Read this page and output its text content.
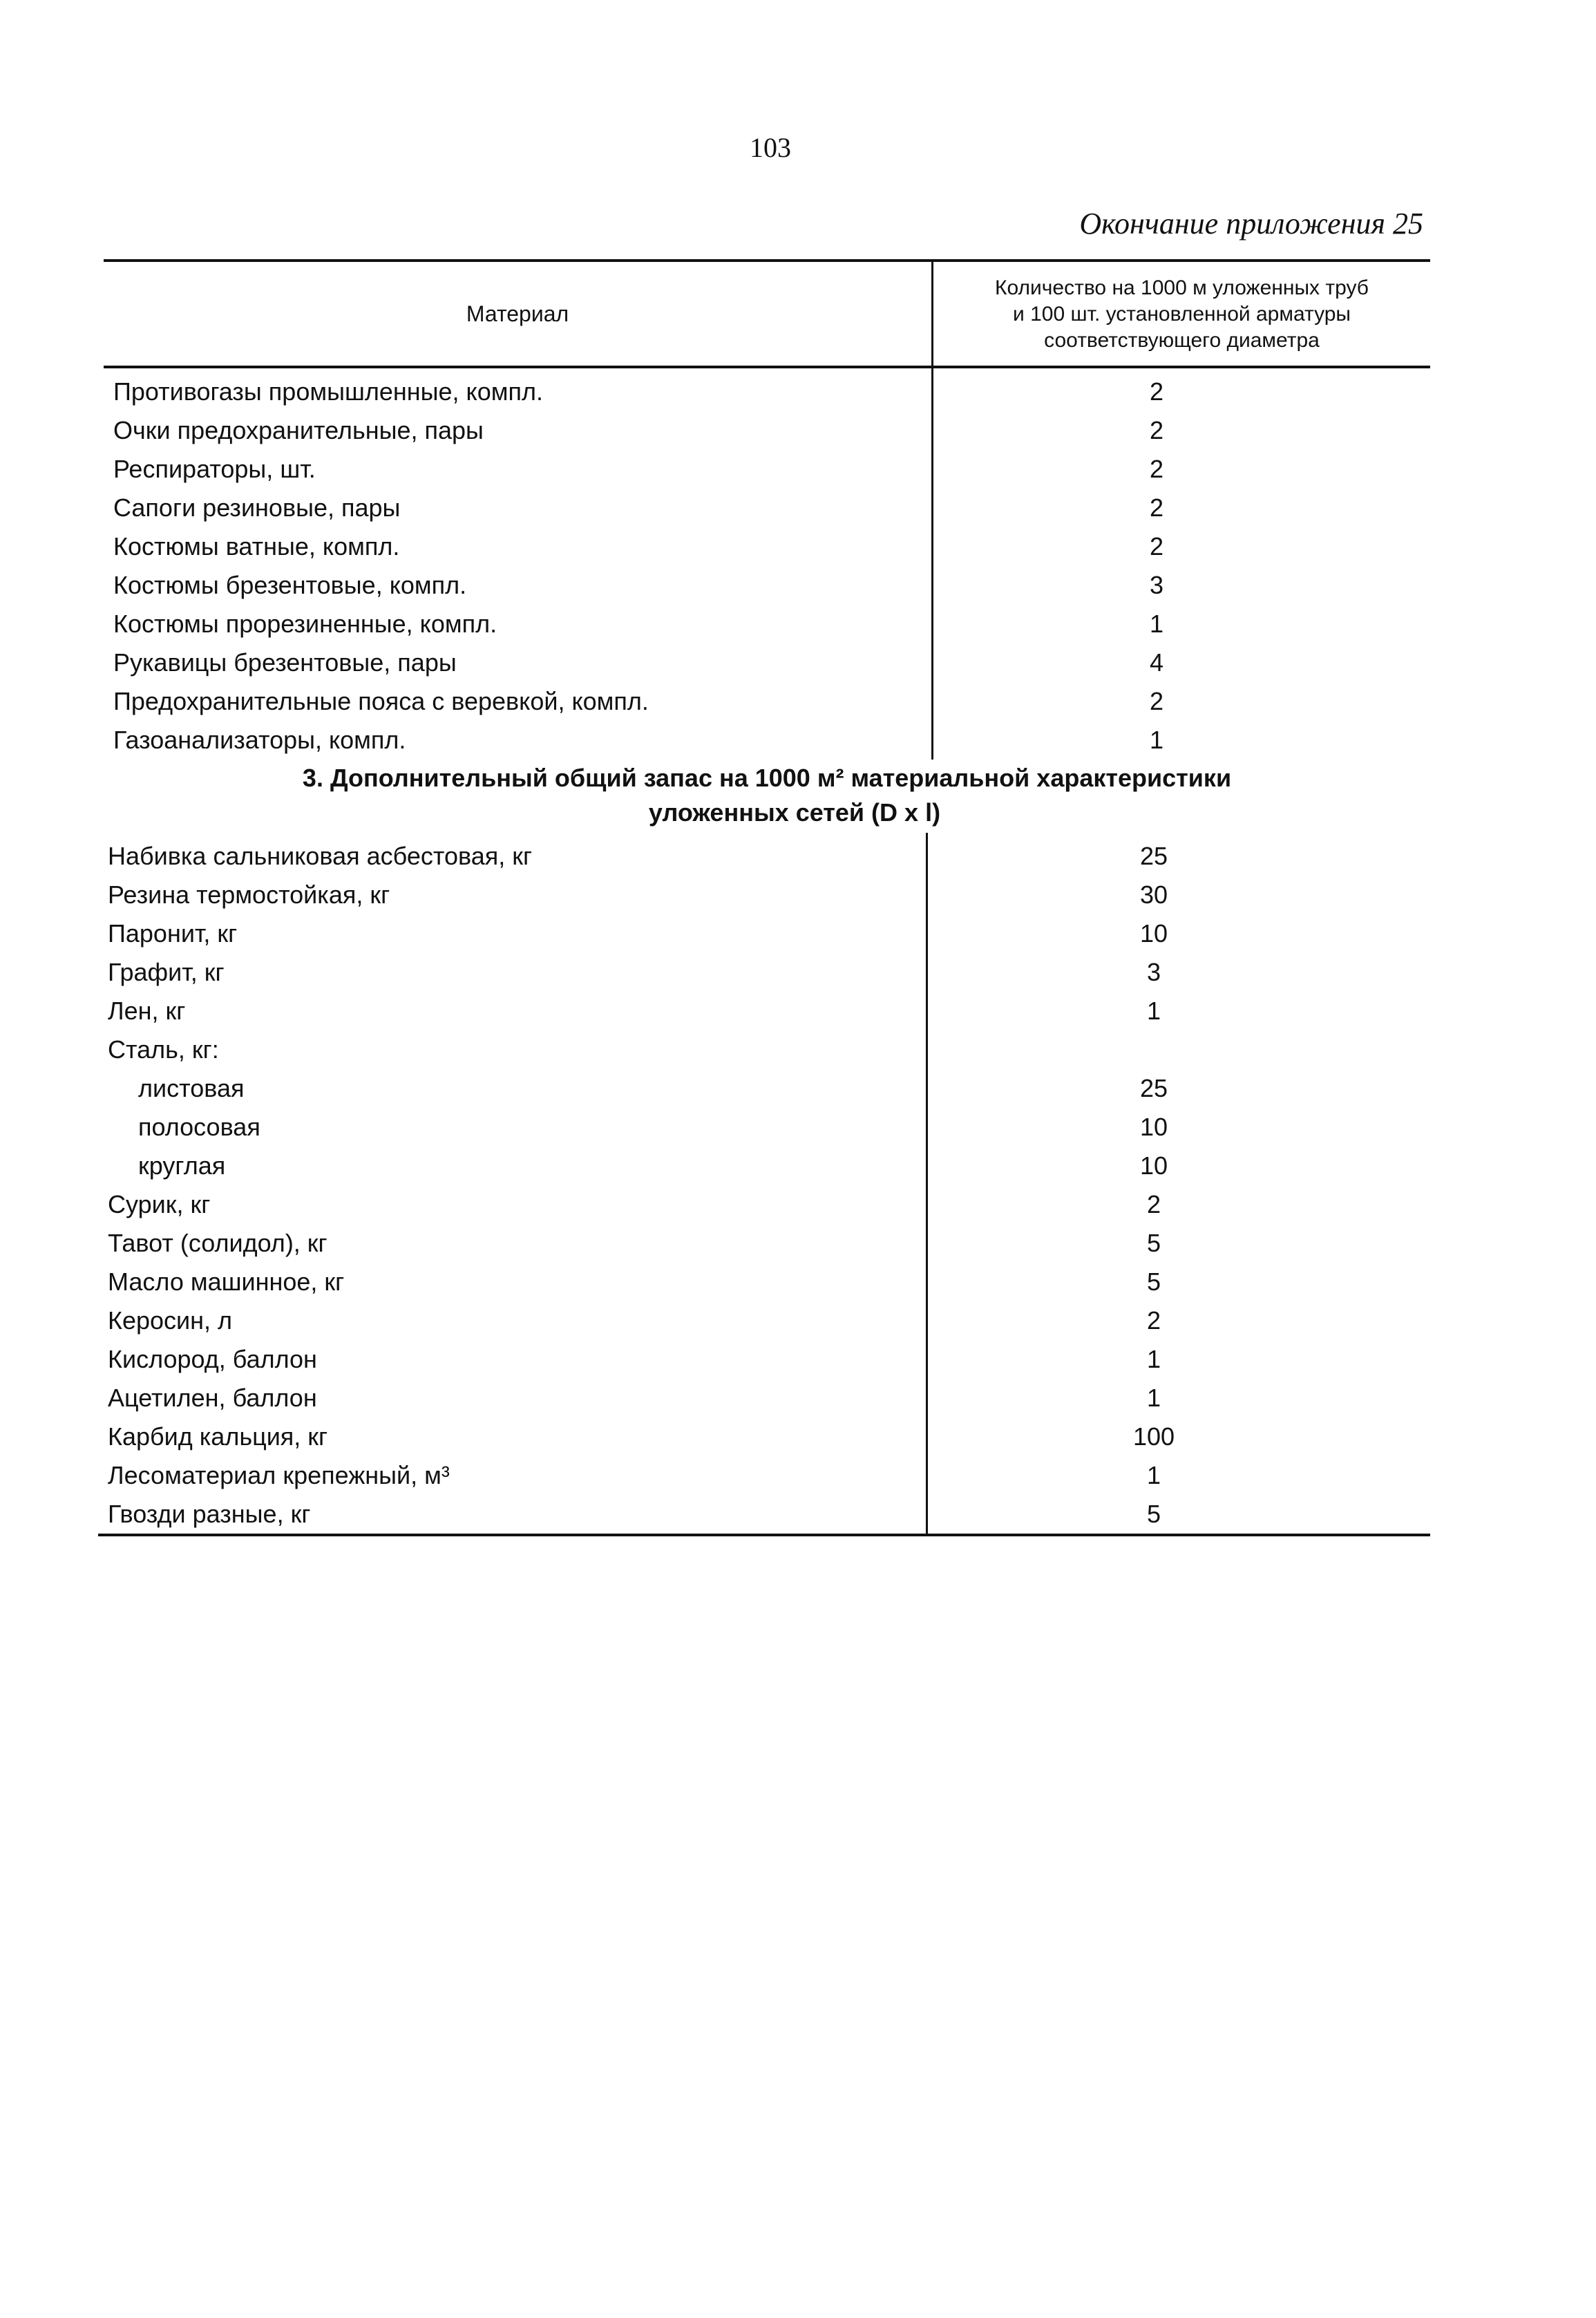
103
Окончание приложения 25
Материал
Количество на 1000 м уложенных труб
и 100 шт. установленной арматуры
соответствующего диаметра
Противогазы промышленные, компл.	2
Очки предохранительные, пары	2
Респираторы, шт.	2
Сапоги резиновые, пары	2
Костюмы ватные, компл.	2
Костюмы брезентовые, компл.	3
Костюмы прорезиненные, компл.	1
Рукавицы брезентовые, пары	4
Предохранительные пояса с веревкой, компл.	2
Газоанализаторы, компл.	1
3. Дополнительный общий запас на 1000 м² материальной характеристики
уложенных сетей (D x l)
Набивка сальниковая асбестовая, кг	25
Резина термостойкая, кг	30
Паронит, кг	10
Графит, кг	3
Лен, кг	1
Сталь, кг:
листовая	25
полосовая	10
круглая	10
Сурик, кг	2
Тавот (солидол), кг	5
Масло машинное, кг	5
Керосин, л	2
Кислород, баллон	1
Ацетилен, баллон	1
Карбид кальция, кг	100
Лесоматериал крепежный, м³	1
Гвозди разные, кг	5
